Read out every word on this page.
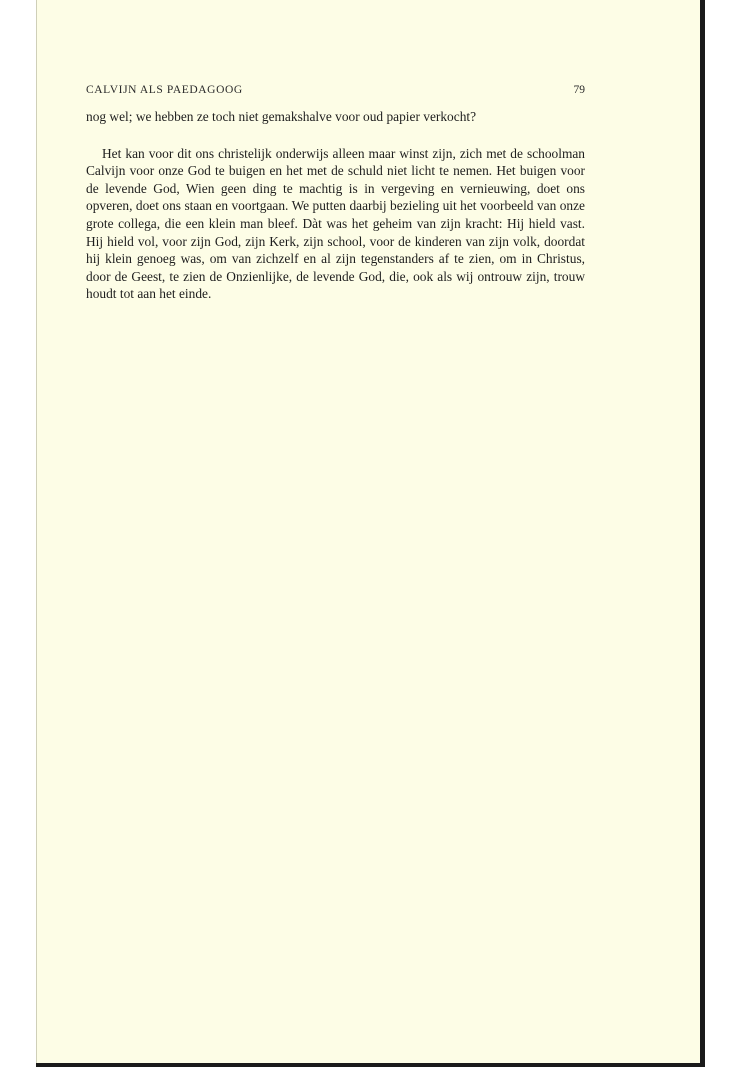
CALVIJN ALS PAEDAGOOG	79

nog wel; we hebben ze toch niet gemakshalve voor oud papier verkocht?

Het kan voor dit ons christelijk onderwijs alleen maar winst zijn, zich met de schoolman Calvijn voor onze God te buigen en het met de schuld niet licht te nemen. Het buigen voor de levende God, Wien geen ding te machtig is in vergeving en vernieuwing, doet ons opveren, doet ons staan en voortgaan. We putten daarbij bezieling uit het voorbeeld van onze grote collega, die een klein man bleef. Dàt was het geheim van zijn kracht: Hij hield vast. Hij hield vol, voor zijn God, zijn Kerk, zijn school, voor de kinderen van zijn volk, doordat hij klein genoeg was, om van zichzelf en al zijn tegenstanders af te zien, om in Christus, door de Geest, te zien de Onzienlijke, de levende God, die, ook als wij ontrouw zijn, trouw houdt tot aan het einde.
